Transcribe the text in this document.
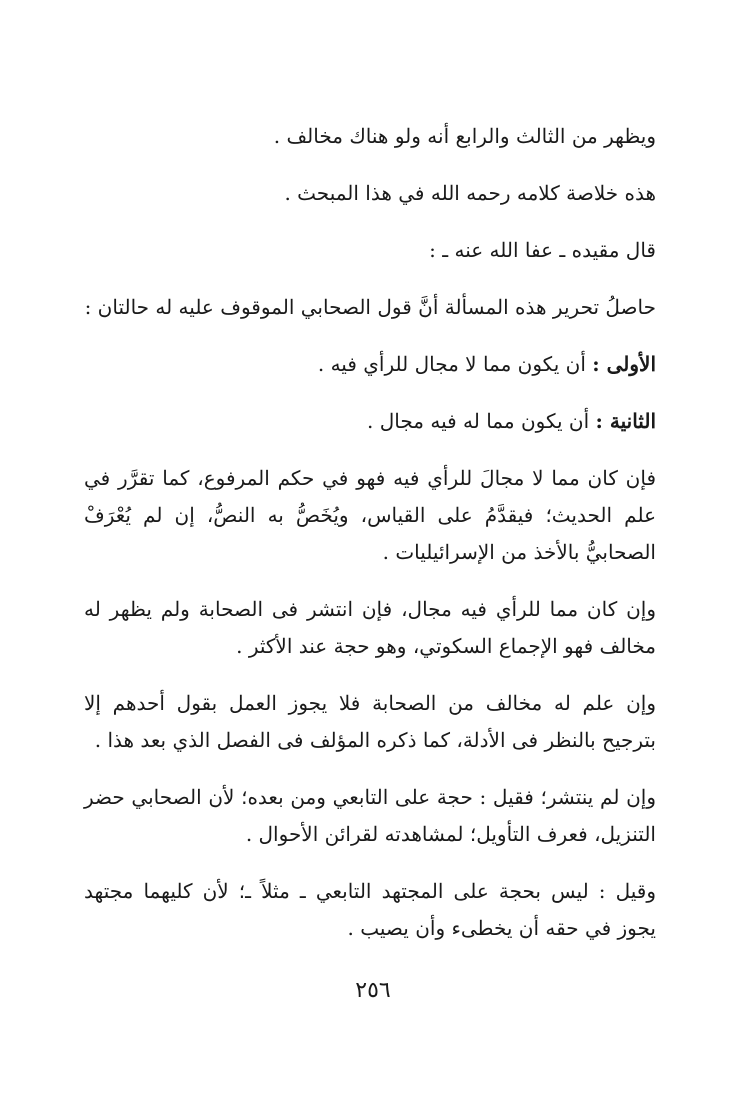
ويظهر من الثالث والرابع أنه ولو هناك مخالف .

هذه خلاصة كلامه رحمه الله في هذا المبحث .

قال مقيده ـ عفا الله عنه ـ :

حاصلُ تحرير هذه المسألة أنَّ قول الصحابي الموقوف عليه له حالتان :

الأولى : أن يكون مما لا مجال للرأي فيه .

الثانية : أن يكون مما له فيه مجال .

فإن كان مما لا مجالَ للرأي فيه فهو في حكم المرفوع، كما تقرَّر في علم الحديث؛ فيقدَّمُ على القياس، ويُخَصُّ به النصُّ، إن لم يُعْرَفْ الصحابيُّ بالأخذ من الإسرائيليات .

وإن كان مما للرأي فيه مجال، فإن انتشر فى الصحابة ولم يظهر له مخالف فهو الإجماع السكوتي، وهو حجة عند الأكثر .

وإن علم له مخالف من الصحابة فلا يجوز العمل بقول أحدهم إلا بترجيح بالنظر فى الأدلة، كما ذكره المؤلف فى الفصل الذي بعد هذا .

وإن لم ينتشر؛ فقيل : حجة على التابعي ومن بعده؛ لأن الصحابي حضر التنزيل، فعرف التأويل؛ لمشاهدته لقرائن الأحوال .

وقيل : ليس بحجة على المجتهد التابعي ـ مثلاً ـ؛ لأن كليهما مجتهد يجوز في حقه أن يخطىء وأن يصيب .

٢٥٦
